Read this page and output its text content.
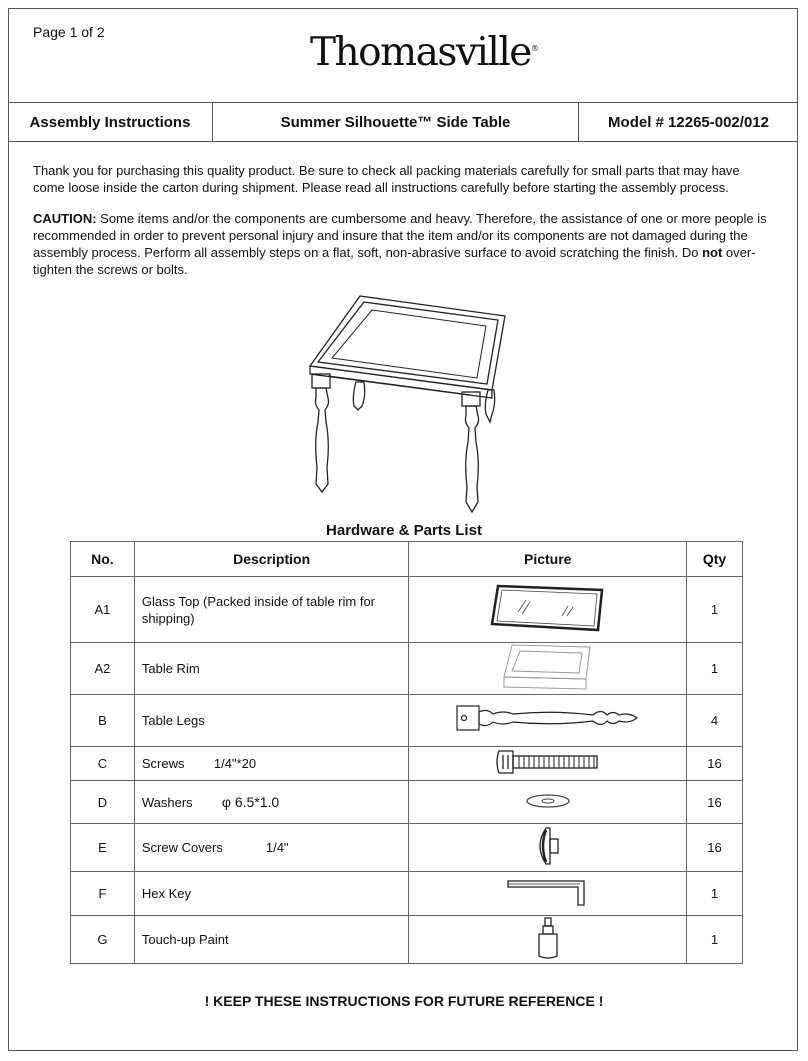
Page 1 of 2	Thomasville®
Assembly Instructions	Summer Silhouette™ Side Table	Model # 12265-002/012

Thank you for purchasing this quality product. Be sure to check all packing materials carefully for small parts that may have come loose inside the carton during shipment. Please read all instructions carefully before starting the assembly process.

CAUTION: Some items and/or the components are cumbersome and heavy. Therefore, the assistance of one or more people is recommended in order to prevent personal injury and insure that the item and/or its components are not damaged during the assembly process. Perform all assembly steps on a flat, soft, non-abrasive surface to avoid scratching the finish. Do not over-tighten the screws or bolts.

Hardware & Parts List
No.	Description	Picture	Qty
A1	Glass Top (Packed inside of table rim for shipping)		1
A2	Table Rim		1
B	Table Legs		4
C	Screws 1/4"*20		16
D	Washers φ 6.5*1.0		16
E	Screw Covers 1/4"		16
F	Hex Key		1
G	Touch-up Paint		1
! KEEP THESE INSTRUCTIONS FOR FUTURE REFERENCE !
